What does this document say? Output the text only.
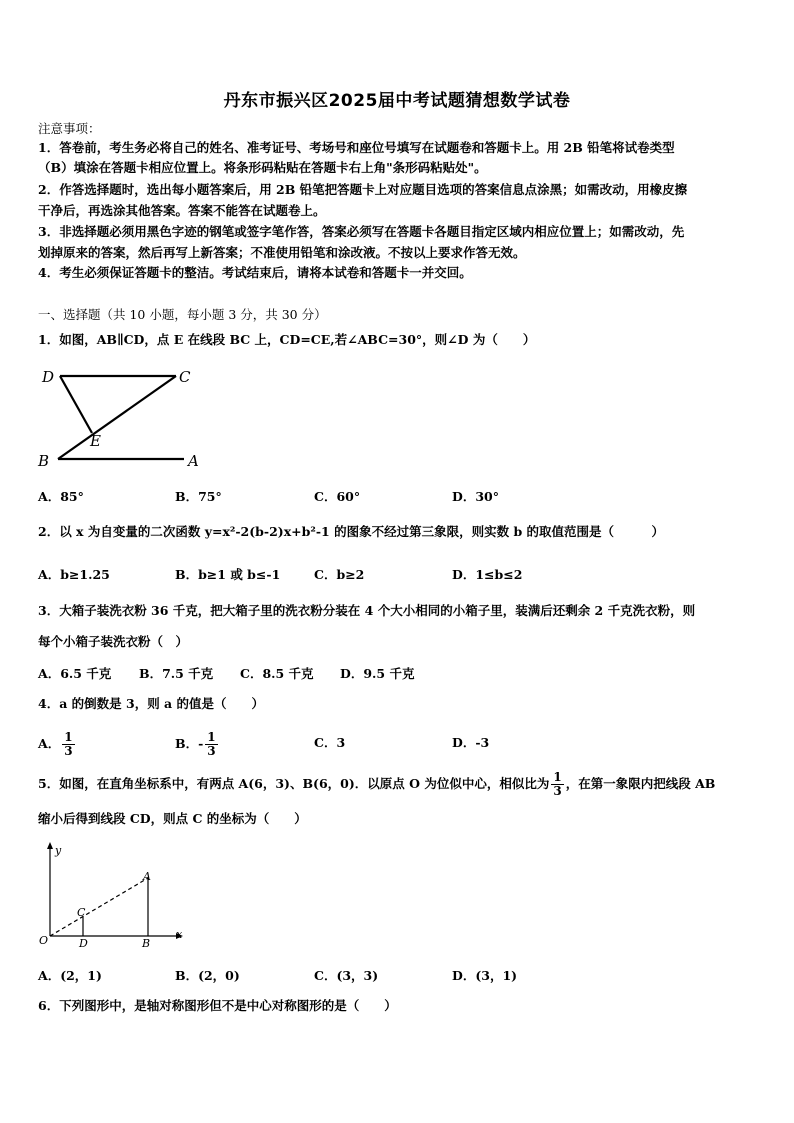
丹东市振兴区2025届中考试题猜想数学试卷
注意事项：
1．答卷前，考生务必将自己的姓名、准考证号、考场号和座位号填写在试题卷和答题卡上。用 2B 铅笔将试卷类型
（B）填涂在答题卡相应位置上。将条形码粘贴在答题卡右上角"条形码粘贴处"。
2．作答选择题时，选出每小题答案后，用 2B 铅笔把答题卡上对应题目选项的答案信息点涂黑；如需改动，用橡皮擦
干净后，再选涂其他答案。答案不能答在试题卷上。
3．非选择题必须用黑色字迹的钢笔或签字笔作答，答案必须写在答题卡各题目指定区域内相应位置上；如需改动，先
划掉原来的答案，然后再写上新答案；不准使用铅笔和涂改液。不按以上要求作答无效。
4．考生必须保证答题卡的整洁。考试结束后，请将本试卷和答题卡一并交回。
一、选择题（共 10 小题，每小题 3 分，共 30 分）
1．如图，AB∥CD，点 E 在线段 BC 上，CD=CE,若∠ABC=30°，则∠D 为（　　）
D	C
E
B	A
A．85°	B．75°	C．60°	D．30°
2．以 x 为自变量的二次函数 y=x²-2(b-2)x+b²-1 的图象不经过第三象限，则实数 b 的取值范围是（　　　）
A．b≥1.25	B．b≥1 或 b≤-1	C．b≥2	D．1≤b≤2
3．大箱子装洗衣粉 36 千克，把大箱子里的洗衣粉分装在 4 个大小相同的小箱子里，装满后还剩余 2 千克洗衣粉，则
每个小箱子装洗衣粉（　）
A．6.5 千克 B．7.5 千克 C．8.5 千克 D．9.5 千克
4．a 的倒数是 3，则 a 的值是（　　）
A． $\frac{1}{3}$	B．- $\frac{1}{3}$	C．3	D．-3
5．如图，在直角坐标系中，有两点 A(6，3)、B(6，0)．以原点 O 为位似中心，相似比为 $\frac{1}{3}$ ，在第一象限内把线段 AB
缩小后得到线段 CD，则点 C 的坐标为（　　）
y
x
O
A
B
C
D
A．(2，1)	B．(2，0)	C．(3，3)	D．(3，1)
6．下列图形中，是轴对称图形但不是中心对称图形的是（　　）
